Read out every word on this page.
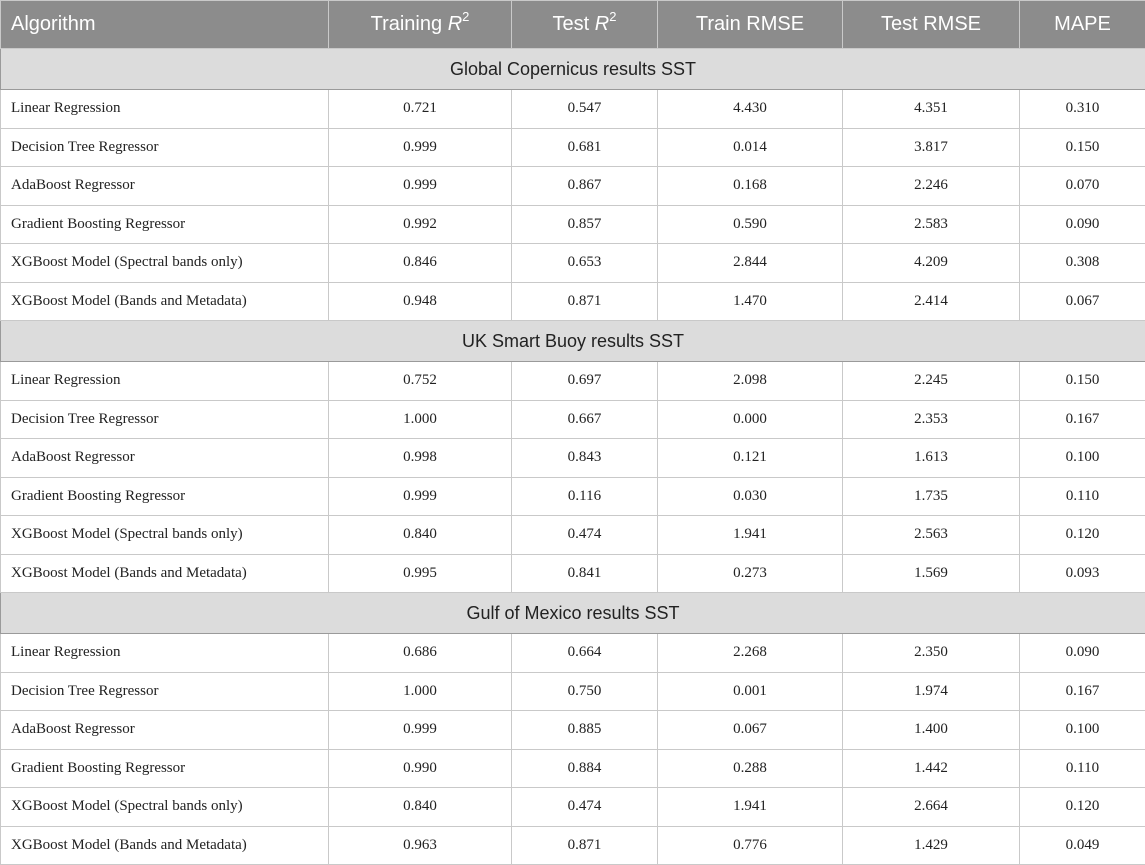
Algorithm	Training $R^2$	Test $R^2$	Train RMSE	Test RMSE	MAPE
Global Copernicus results SST					
Linear Regression	0.721	0.547	4.430	4.351	0.310
Decision Tree Regressor	0.999	0.681	0.014	3.817	0.150
AdaBoost Regressor	0.999	0.867	0.168	2.246	0.070
Gradient Boosting Regressor	0.992	0.857	0.590	2.583	0.090
XGBoost Model (Spectral bands only)	0.846	0.653	2.844	4.209	0.308
XGBoost Model (Bands and Metadata)	0.948	0.871	1.470	2.414	0.067
UK Smart Buoy results SST					
Linear Regression	0.752	0.697	2.098	2.245	0.150
Decision Tree Regressor	1.000	0.667	0.000	2.353	0.167
AdaBoost Regressor	0.998	0.843	0.121	1.613	0.100
Gradient Boosting Regressor	0.999	0.116	0.030	1.735	0.110
XGBoost Model (Spectral bands only)	0.840	0.474	1.941	2.563	0.120
XGBoost Model (Bands and Metadata)	0.995	0.841	0.273	1.569	0.093
Gulf of Mexico results SST					
Linear Regression	0.686	0.664	2.268	2.350	0.090
Decision Tree Regressor	1.000	0.750	0.001	1.974	0.167
AdaBoost Regressor	0.999	0.885	0.067	1.400	0.100
Gradient Boosting Regressor	0.990	0.884	0.288	1.442	0.110
XGBoost Model (Spectral bands only)	0.840	0.474	1.941	2.664	0.120
XGBoost Model (Bands and Metadata)	0.963	0.871	0.776	1.429	0.049
